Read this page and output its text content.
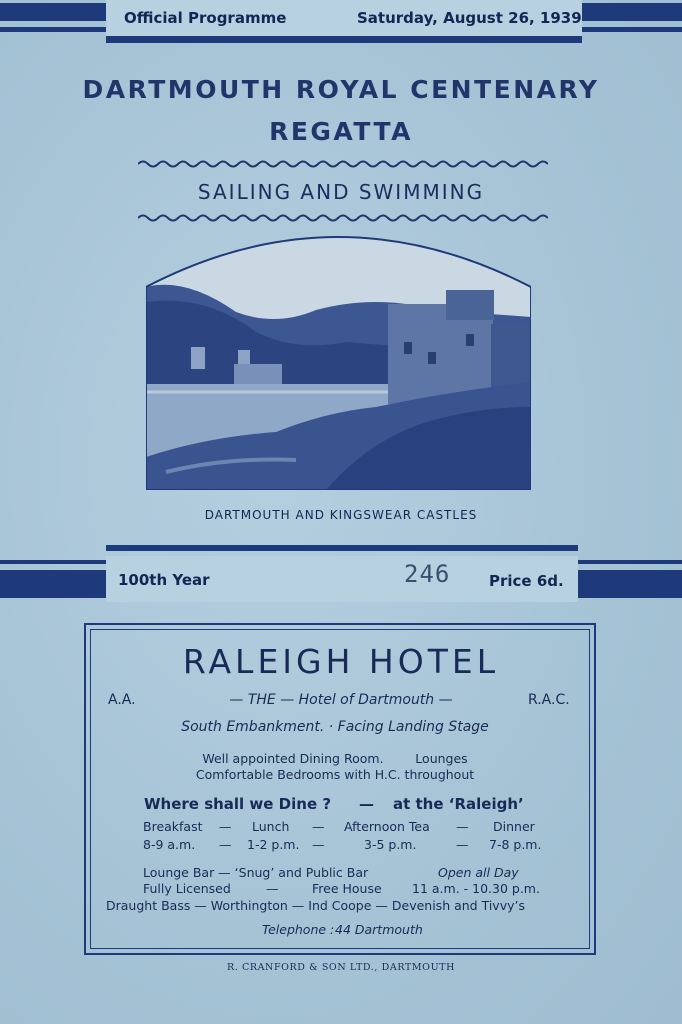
Official Programme	Saturday, August 26, 1939
DARTMOUTH ROYAL CENTENARY
REGATTA
SAILING AND SWIMMING
DARTMOUTH AND KINGSWEAR CASTLES
100th Year	246	Price 6d.
RALEIGH HOTEL
A.A.	— THE — Hotel of Dartmouth —	R.A.C.
South Embankment. · Facing Landing Stage
Well appointed Dining Room.        Lounges
Comfortable Bedrooms with H.C. throughout
Where shall we Dine ? — at the ‘Raleigh’
Breakfast — Lunch — Afternoon Tea — Dinner
8-9 a.m. — 1-2 p.m. —	3-5 p.m.	— 7-8 p.m.
Lounge Bar — ‘Snug’ and Public Bar	Open all Day
Fully Licensed	—	Free House 11 a.m. - 10.30 p.m.
Draught Bass — Worthington — Ind Coope — Devenish and Tivvy’s
Telephone : 44 Dartmouth
R. CRANFORD & SON LTD., DARTMOUTH
